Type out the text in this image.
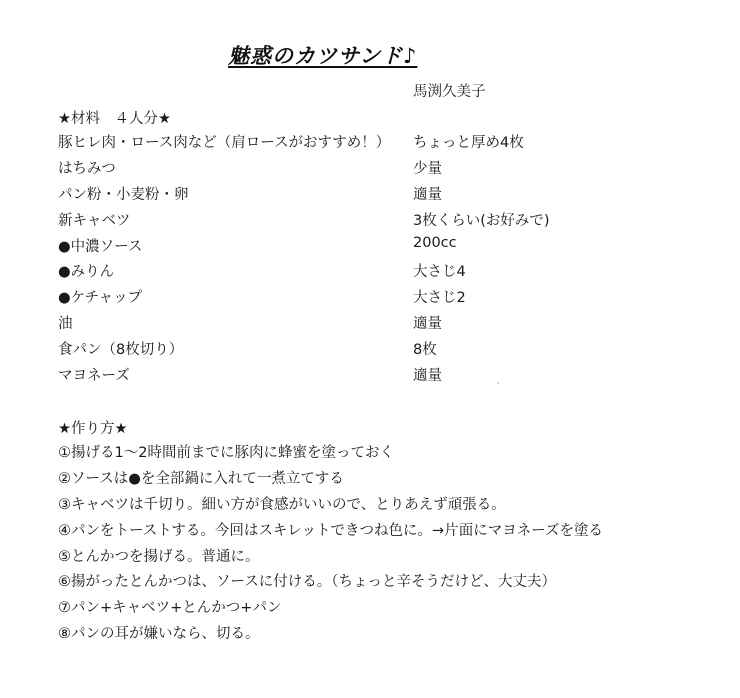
魅惑のカツサンド♪
馬渕久美子
★材料　４人分★
豚ヒレ肉・ロース肉など（肩ロースがおすすめ！） ちょっと厚め4枚
はちみつ	少量
パン粉・小麦粉・卵	適量
新キャベツ	3枚くらい(お好みで)
●中濃ソース	200cc
●みりん	大さじ4
●ケチャップ	大さじ2
油	適量
食パン（8枚切り）	8枚
マヨネーズ	適量
★作り方★
①揚げる1～2時間前までに豚肉に蜂蜜を塗っておく
②ソースは●を全部鍋に入れて一煮立てする
③キャベツは千切り。細い方が食感がいいので、とりあえず頑張る。
④パンをトーストする。今回はスキレットできつね色に。→片面にマヨネーズを塗る
⑤とんかつを揚げる。普通に。
⑥揚がったとんかつは、ソースに付ける。（ちょっと辛そうだけど、大丈夫）
⑦パン+キャベツ+とんかつ+パン
⑧パンの耳が嫌いなら、切る。
